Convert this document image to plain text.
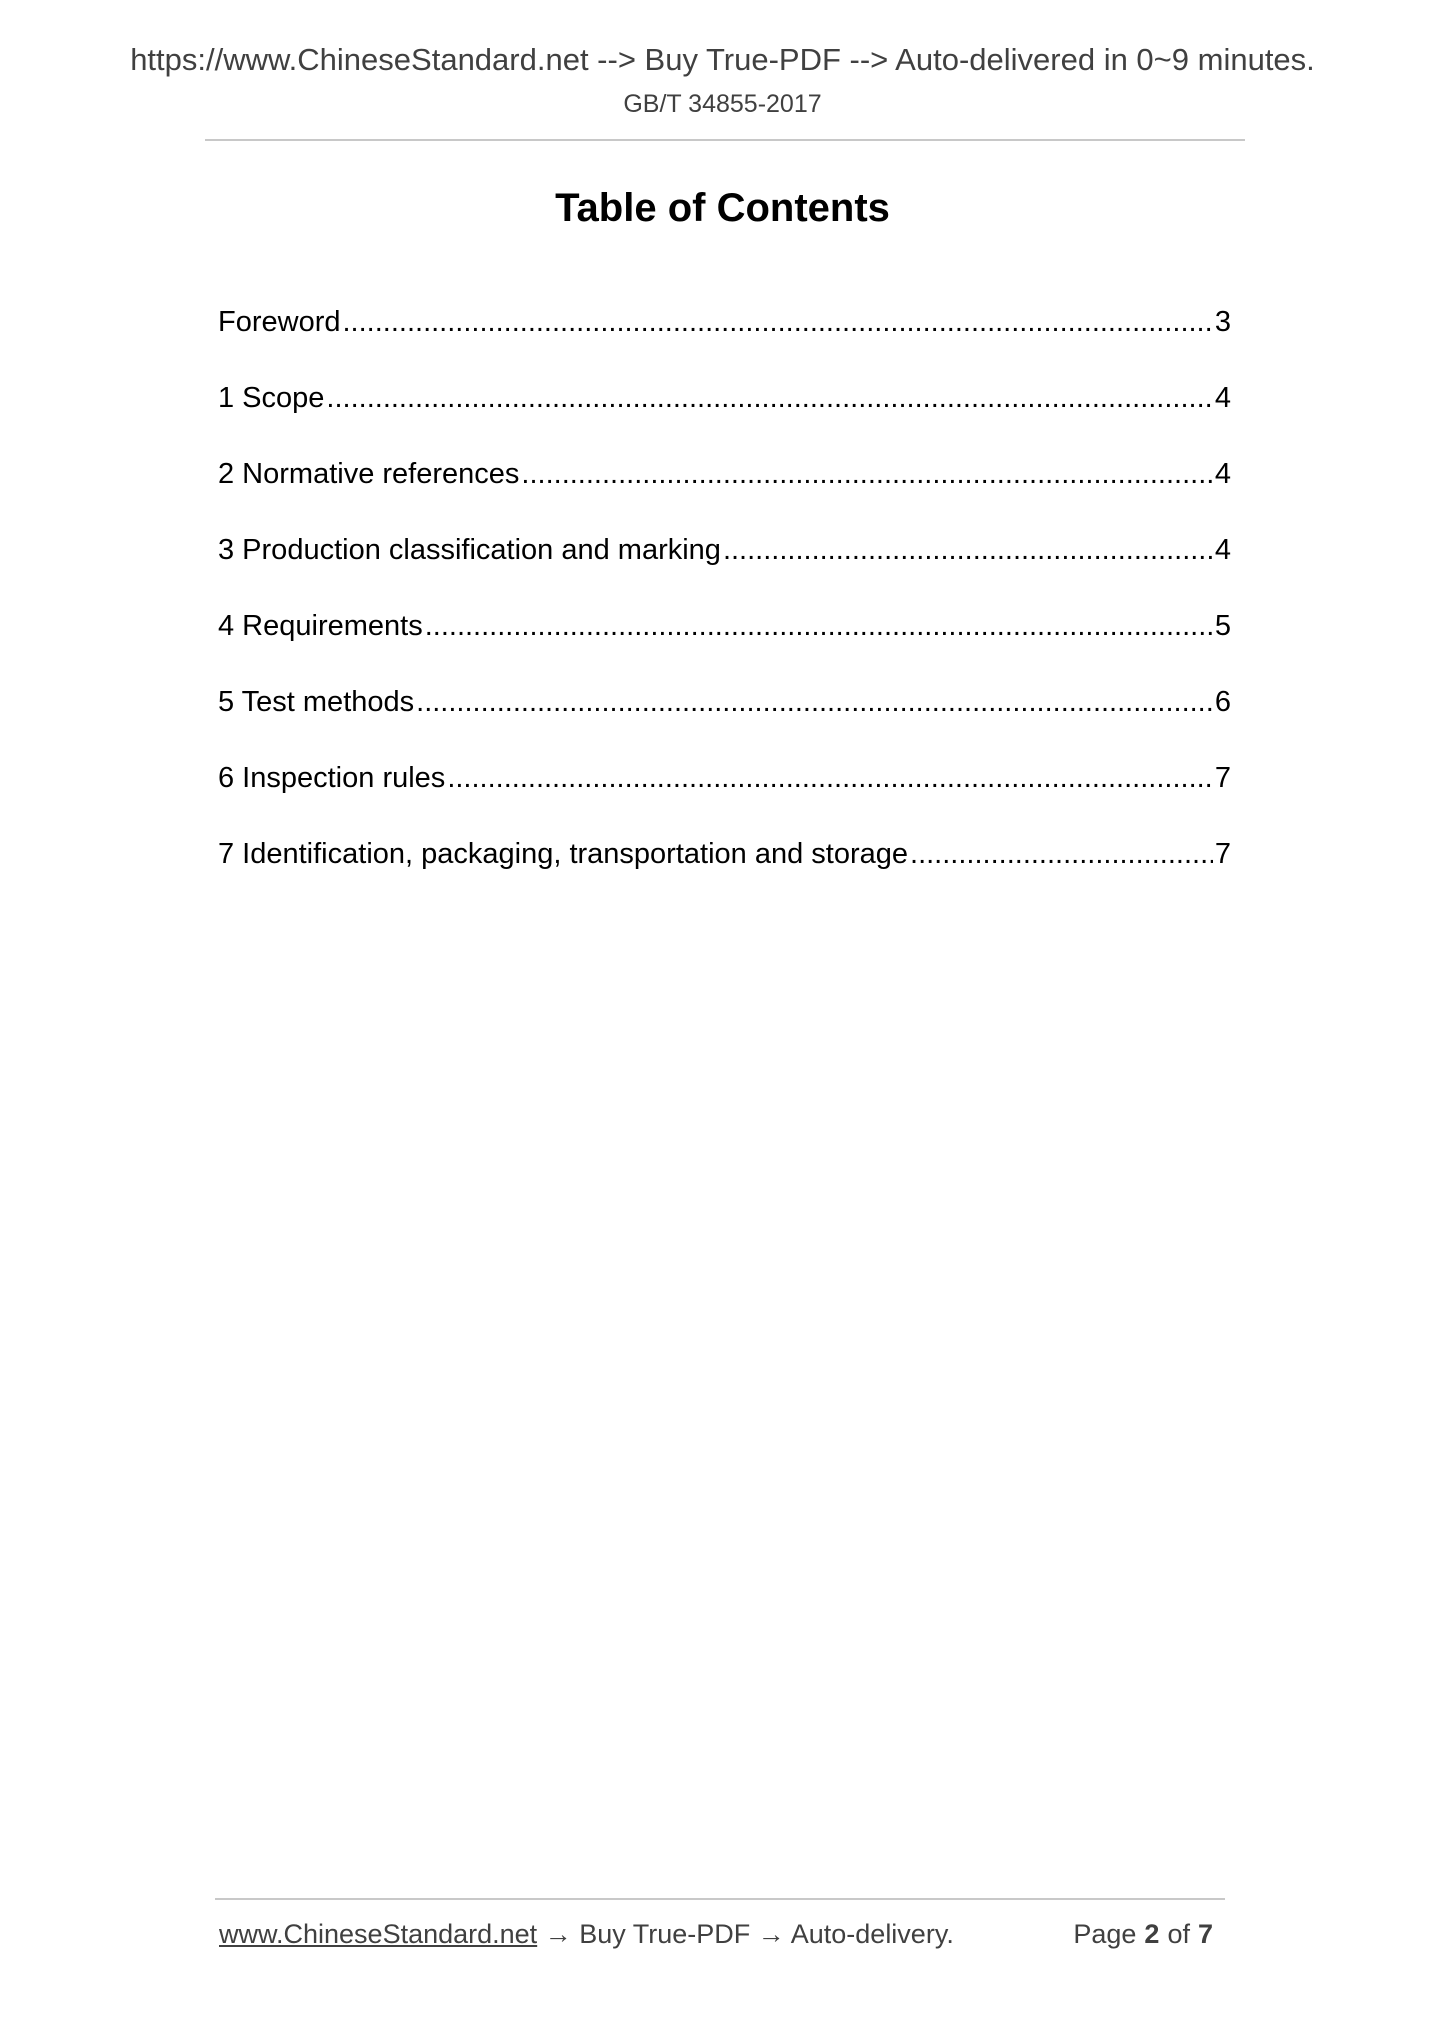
https://www.ChineseStandard.net --> Buy True-PDF --> Auto-delivered in 0~9 minutes.
GB/T 34855-2017
Table of Contents
Foreword .....	3
1 Scope .....	4
2 Normative references .....	4
3 Production classification and marking .....	4
4 Requirements .....	5
5 Test methods .....	6
6 Inspection rules .....	7
7 Identification, packaging, transportation and storage .....	7
www.ChineseStandard.net → Buy True-PDF → Auto-delivery.	Page 2 of 7
